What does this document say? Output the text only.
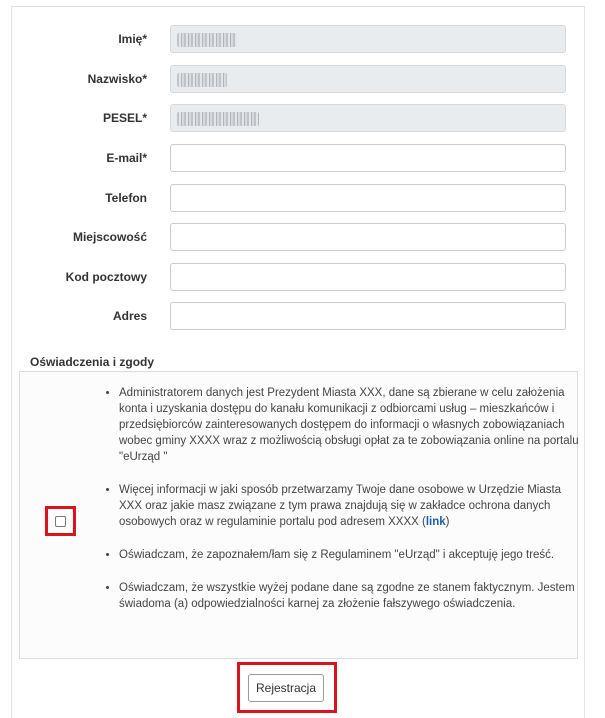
Imię*
Nazwisko*
PESEL*
E-mail*
Telefon
Miejscowość
Kod pocztowy
Adres
Oświadczenia i zgody
• Administratorem danych jest Prezydent Miasta XXX, dane są zbierane w celu założenia konta i uzyskania dostępu do kanału komunikacji z odbiorcami usług – mieszkańców i przedsiębiorców zainteresowanych dostępem do informacji o własnych zobowiązaniach wobec gminy XXXX wraz z możliwością obsługi opłat za te zobowiązania online na portalu "eUrząd "
• Więcej informacji w jaki sposób przetwarzamy Twoje dane osobowe w Urzędzie Miasta XXX oraz jakie masz związane z tym prawa znajdują się w zakładce ochrona danych osobowych oraz w regulaminie portalu pod adresem XXXX (link)
• Oświadczam, że zapoznałem/łam się z Regulaminem "eUrząd" i akceptuję jego treść.
• Oświadczam, że wszystkie wyżej podane dane są zgodne ze stanem faktycznym. Jestem świadoma (a) odpowiedzialności karnej za złożenie fałszywego oświadczenia.
Rejestracja
